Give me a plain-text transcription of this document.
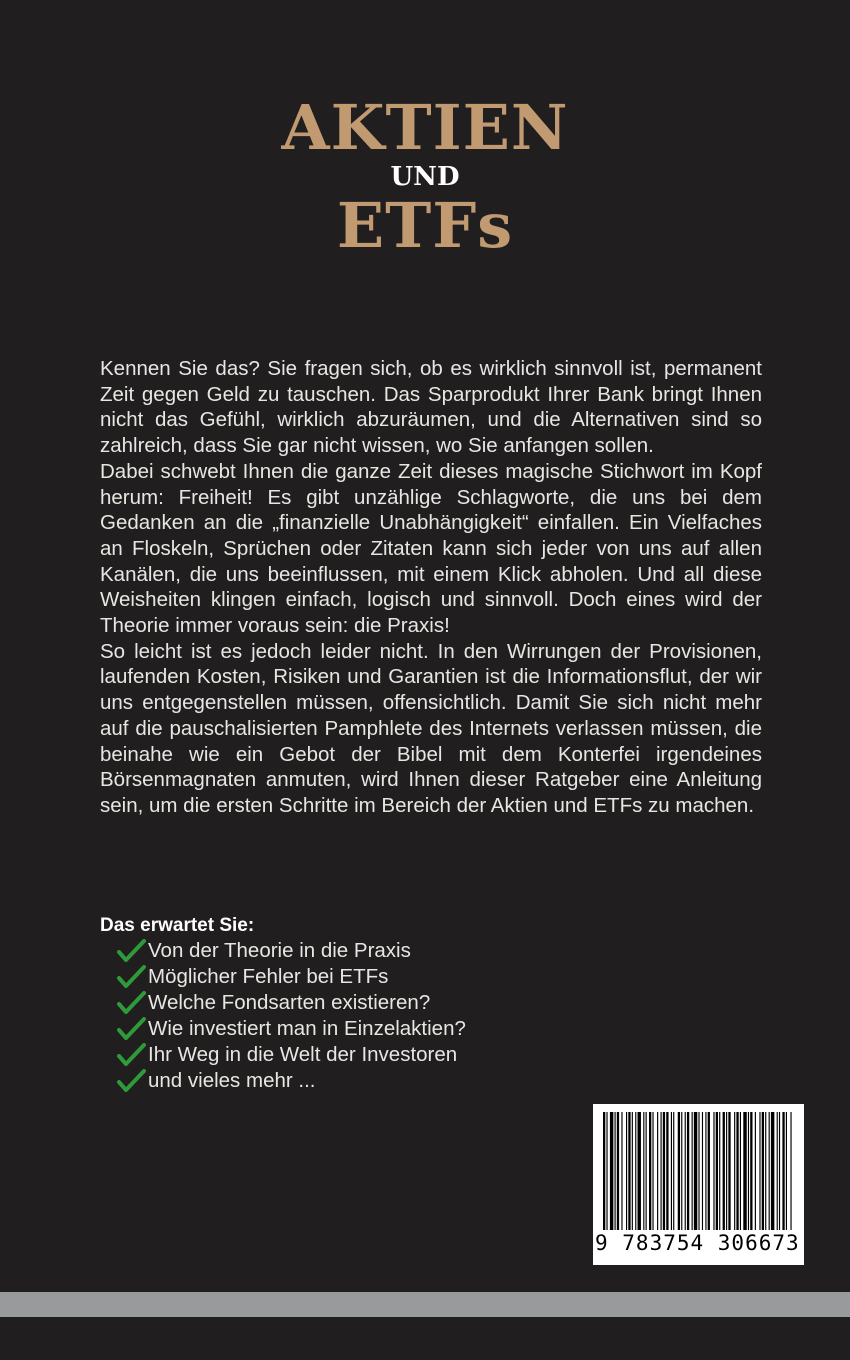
AKTIEN
UND
ETFs

Kennen Sie das? Sie fragen sich, ob es wirklich sinnvoll ist, permanent Zeit gegen Geld zu tauschen. Das Sparprodukt Ihrer Bank bringt Ihnen nicht das Gefühl, wirklich abzuräumen, und die Alternativen sind so zahlreich, dass Sie gar nicht wissen, wo Sie anfangen sollen.

Dabei schwebt Ihnen die ganze Zeit dieses magische Stichwort im Kopf herum: Freiheit! Es gibt unzählige Schlagworte, die uns bei dem Gedanken an die „finanzielle Unabhängigkeit“ einfallen. Ein Vielfaches an Floskeln, Sprüchen oder Zitaten kann sich jeder von uns auf allen Kanälen, die uns beeinflussen, mit einem Klick abholen. Und all diese Weisheiten klingen einfach, logisch und sinnvoll. Doch eines wird der Theorie immer voraus sein: die Praxis!

So leicht ist es jedoch leider nicht. In den Wirrungen der Provisionen, laufenden Kosten, Risiken und Garantien ist die Informationsflut, der wir uns entgegenstellen müssen, offensichtlich. Damit Sie sich nicht mehr auf die pauschalisierten Pamphlete des Internets verlassen müssen, die beinahe wie ein Gebot der Bibel mit dem Konterfei irgendeines Börsenmagnaten anmuten, wird Ihnen dieser Ratgeber eine Anleitung sein, um die ersten Schritte im Bereich der Aktien und ETFs zu machen.

Das erwartet Sie:
Von der Theorie in die Praxis
Möglicher Fehler bei ETFs
Welche Fondsarten existieren?
Wie investiert man in Einzelaktien?
Ihr Weg in die Welt der Investoren
und vieles mehr ...
9 783754 306673
